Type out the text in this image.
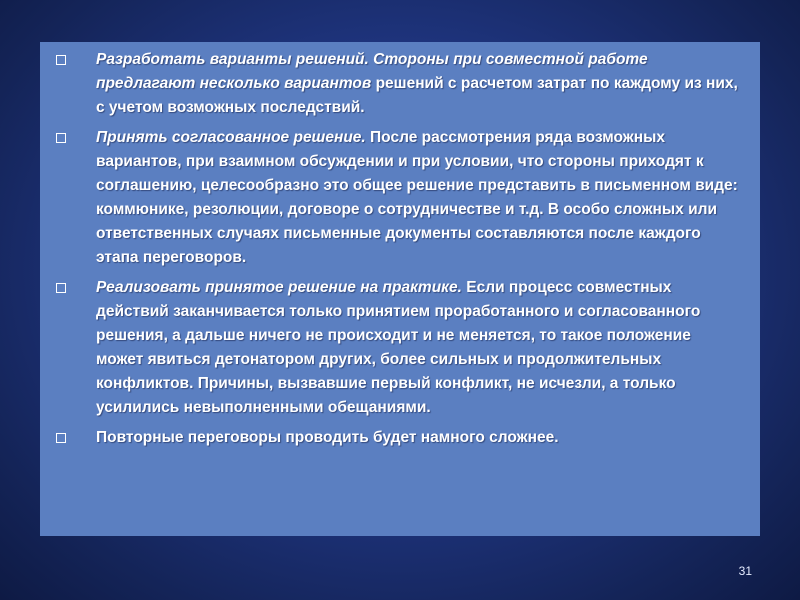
Разработать варианты решений. Стороны при совместной работе предлагают несколько вариантов решений с расчетом затрат по каждому из них, с учетом возможных последствий.
Принять согласованное решение. После рассмотрения ряда возможных вариантов, при взаимном обсуждении и при условии, что стороны приходят к соглашению, целесообразно это общее решение представить в письменном виде: коммюнике, резолюции, договоре о сотрудничестве и т.д. В особо сложных или ответственных случаях письменные документы составляются после каждого этапа переговоров.
Реализовать принятое решение на практике. Если процесс совместных действий заканчивается только принятием проработанного и согласованного решения, а дальше ничего не происходит и не меняется, то такое положение может явиться детонатором других, более сильных и продолжительных конфликтов. Причины, вызвавшие первый конфликт, не исчезли, а только усилились невыполненными обещаниями.
Повторные переговоры проводить будет намного сложнее.
31
